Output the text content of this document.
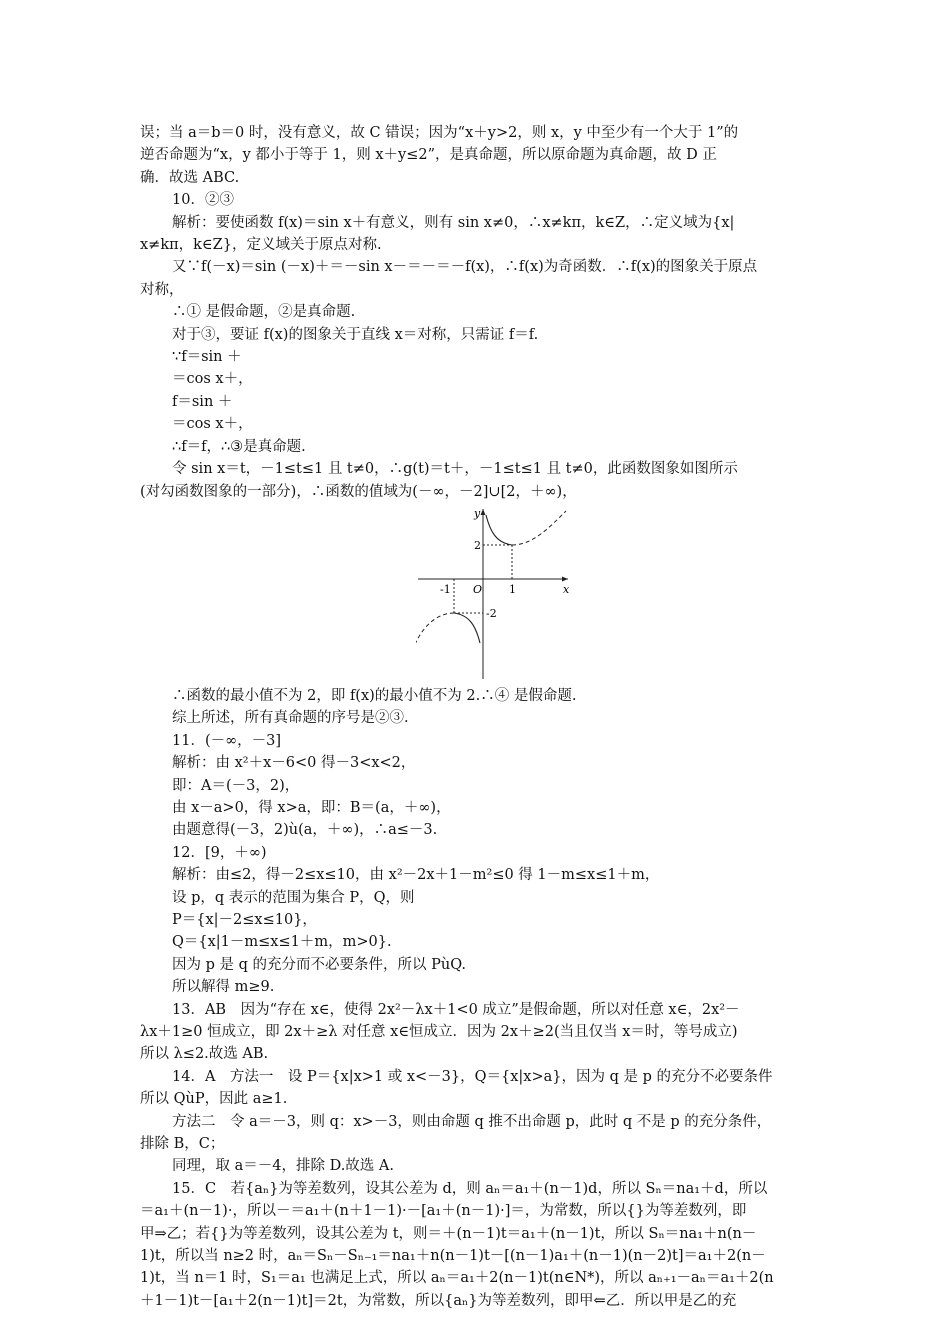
误；当 a＝b＝0 时，没有意义，故 C 错误；因为“x＋y>2，则 x，y 中至少有一个大于 1”的
逆否命题为“x，y 都小于等于 1，则 x＋y≤2”，是真命题，所以原命题为真命题，故 D 正
确．故选 ABC.
10．②③
解析：要使函数 f(x)＝sin x＋有意义，则有 sin x≠0，∴x≠kπ，k∈Z，∴定义域为{x|
x≠kπ，k∈Z}，定义域关于原点对称.
又∵f(－x)＝sin (－x)＋＝－sin x－＝－＝－f(x)，∴f(x)为奇函数．∴f(x)的图象关于原点
对称，
∴① 是假命题，②是真命题.
对于③，要证 f(x)的图象关于直线 x＝对称，只需证 f＝f.
∵f＝sin ＋
＝cos x＋，
f＝sin ＋
＝cos x＋，
∴f＝f，∴③是真命题.
令 sin x＝t，－1≤t≤1 且 t≠0，∴g(t)＝t＋，－1≤t≤1 且 t≠0，此函数图象如图所示
(对勾函数图象的一部分)，∴函数的值域为(－∞，－2]∪[2，＋∞)，
y
x
O
-1	1
2
-2
∴函数的最小值不为 2，即 f(x)的最小值不为 2.∴④ 是假命题.
综上所述，所有真命题的序号是②③.
11．(－∞，－3]
解析：由 x²＋x－6<0 得－3<x<2，
即：A＝(－3，2)，
由 x－a>0，得 x>a，即：B＝(a，＋∞)，
由题意得(－3，2)ù(a，＋∞)，∴a≤－3.
12．[9，＋∞)
解析：由≤2，得－2≤x≤10，由 x²－2x＋1－m²≤0 得 1－m≤x≤1＋m，
设 p，q 表示的范围为集合 P，Q，则
P＝{x|－2≤x≤10}，
Q＝{x|1－m≤x≤1＋m，m>0}.
因为 p 是 q 的充分而不必要条件，所以 PùQ.
所以解得 m≥9.
13．AB　因为“存在 x∈，使得 2x²－λx＋1<0 成立”是假命题，所以对任意 x∈，2x²－
λx＋1≥0 恒成立，即 2x＋≥λ 对任意 x∈恒成立．因为 2x＋≥2(当且仅当 x＝时，等号成立)
所以 λ≤2.故选 AB.
14．A　方法一　设 P＝{x|x>1 或 x<－3}，Q＝{x|x>a}，因为 q 是 p 的充分不必要条件
所以 QùP，因此 a≥1.
方法二　令 a＝－3，则 q：x>－3，则由命题 q 推不出命题 p，此时 q 不是 p 的充分条件，
排除 B，C；
同理，取 a＝－4，排除 D.故选 A.
15．C　若{aₙ}为等差数列，设其公差为 d，则 aₙ＝a₁＋(n－1)d，所以 Sₙ＝na₁＋d，所以
＝a₁＋(n－1)·，所以－＝a₁＋(n＋1－1)·－[a₁＋(n－1)·]＝，为常数，所以{}为等差数列，即
甲⇒乙；若{}为等差数列，设其公差为 t，则＝＋(n－1)t＝a₁＋(n－1)t，所以 Sₙ＝na₁＋n(n－
1)t，所以当 n≥2 时，aₙ＝Sₙ－Sₙ₋₁＝na₁＋n(n－1)t－[(n－1)a₁＋(n－1)(n－2)t]＝a₁＋2(n－
1)t，当 n＝1 时，S₁＝a₁ 也满足上式，所以 aₙ＝a₁＋2(n－1)t(n∈N*)，所以 aₙ₊₁－aₙ＝a₁＋2(n
＋1－1)t－[a₁＋2(n－1)t]＝2t，为常数，所以{aₙ}为等差数列，即甲⇐乙．所以甲是乙的充
